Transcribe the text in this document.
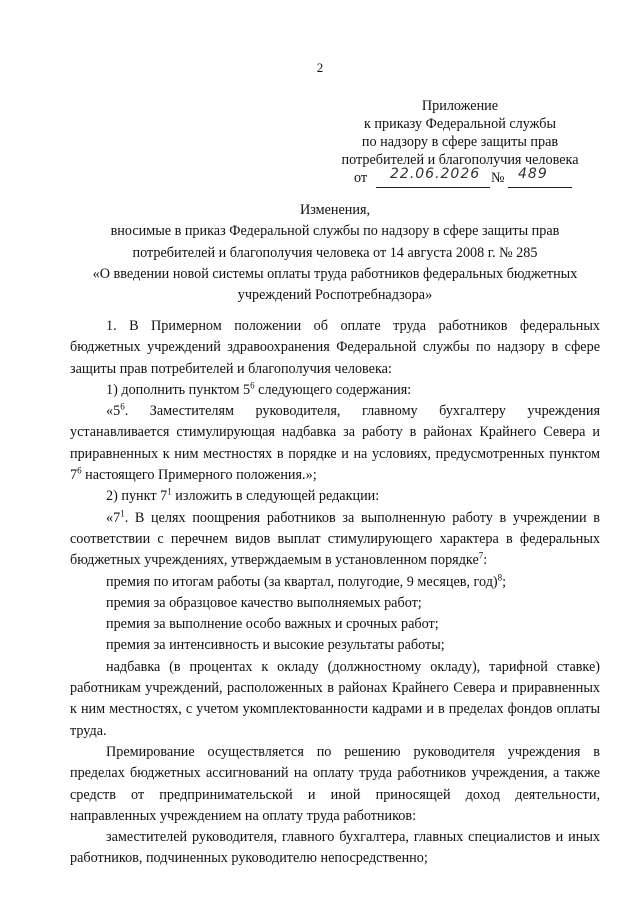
2
Приложение
к приказу Федеральной службы
по надзору в сфере защиты прав
потребителей и благополучия человека
от 22.06.2026 № 489
Изменения,
вносимые в приказ Федеральной службы по надзору в сфере защиты прав
потребителей и благополучия человека от 14 августа 2008 г. № 285
«О введении новой системы оплаты труда работников федеральных бюджетных
учреждений Роспотребнадзора»

1. В Примерном положении об оплате труда работников федеральных бюджетных учреждений здравоохранения Федеральной службы по надзору в сфере защиты прав потребителей и благополучия человека:

1) дополнить пунктом $5^6$ следующего содержания:

«$5^6$. Заместителям руководителя, главному бухгалтеру учреждения устанавливается стимулирующая надбавка за работу в районах Крайнего Севера и приравненных к ним местностях в порядке и на условиях, предусмотренных пунктом $7^6$ настоящего Примерного положения.»;

2) пункт $7^1$ изложить в следующей редакции:

«$7^1$. В целях поощрения работников за выполненную работу в учреждении в соответствии с перечнем видов выплат стимулирующего характера в федеральных бюджетных учреждениях, утверждаемым в установленном порядке$^7$:

премия по итогам работы (за квартал, полугодие, 9 месяцев, год)$^8$;

премия за образцовое качество выполняемых работ;

премия за выполнение особо важных и срочных работ;

премия за интенсивность и высокие результаты работы;

надбавка (в процентах к окладу (должностному окладу), тарифной ставке) работникам учреждений, расположенных в районах Крайнего Севера и приравненных к ним местностях, с учетом укомплектованности кадрами и в пределах фондов оплаты труда.

Премирование осуществляется по решению руководителя учреждения в пределах бюджетных ассигнований на оплату труда работников учреждения, а также средств от предпринимательской и иной приносящей доход деятельности, направленных учреждением на оплату труда работников:

заместителей руководителя, главного бухгалтера, главных специалистов и иных работников, подчиненных руководителю непосредственно;
